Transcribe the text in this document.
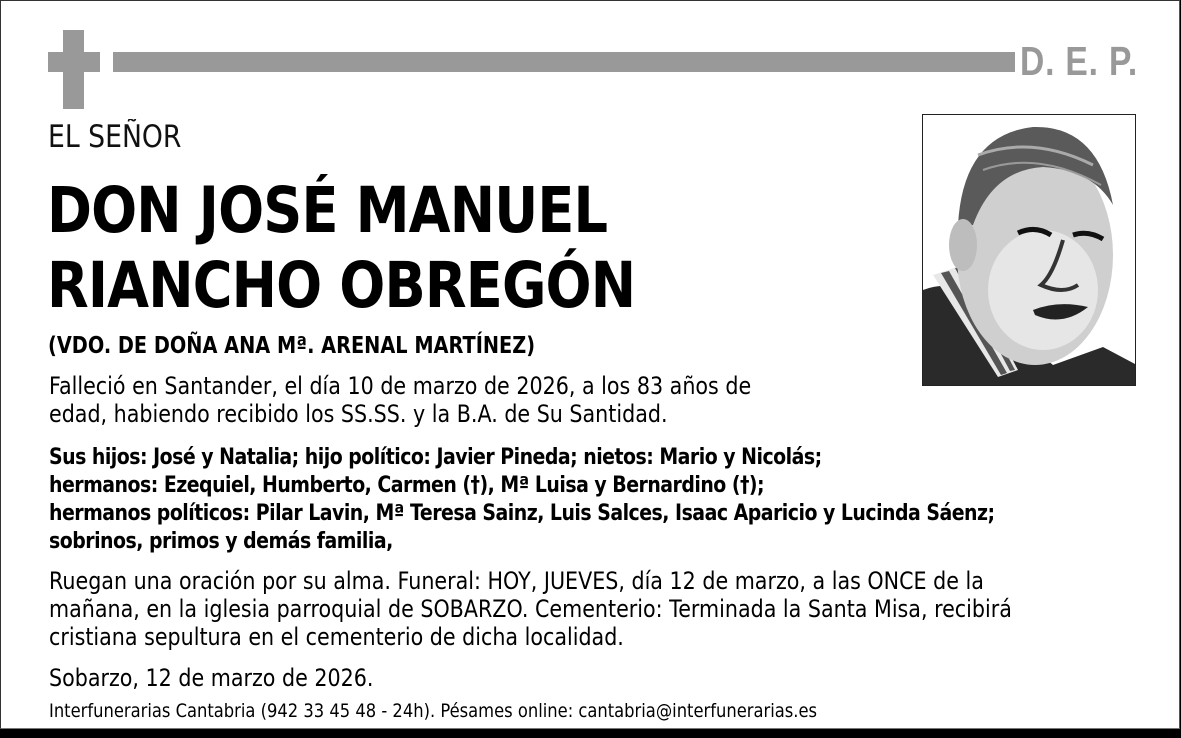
D. E. P.
EL SEÑOR
DON JOSÉ MANUEL
RIANCHO OBREGÓN
(VDO. DE DOÑA ANA Mª. ARENAL MARTÍNEZ)
Falleció en Santander, el día 10 de marzo de 2026, a los 83 años de
edad, habiendo recibido los SS.SS. y la B.A. de Su Santidad.
Sus hijos: José y Natalia; hijo político: Javier Pineda; nietos: Mario y Nicolás;
hermanos: Ezequiel, Humberto, Carmen (†), Mª Luisa y Bernardino (†);
hermanos políticos: Pilar Lavin, Mª Teresa Sainz, Luis Salces, Isaac Aparicio y Lucinda Sáenz;
sobrinos, primos y demás familia,
Ruegan una oración por su alma. Funeral: HOY, JUEVES, día 12 de marzo, a las ONCE de la
mañana, en la iglesia parroquial de SOBARZO. Cementerio: Terminada la Santa Misa, recibirá
cristiana sepultura en el cementerio de dicha localidad.
Sobarzo, 12 de marzo de 2026.
Interfunerarias Cantabria (942 33 45 48 - 24h). Pésames online: cantabria@interfunerarias.es
